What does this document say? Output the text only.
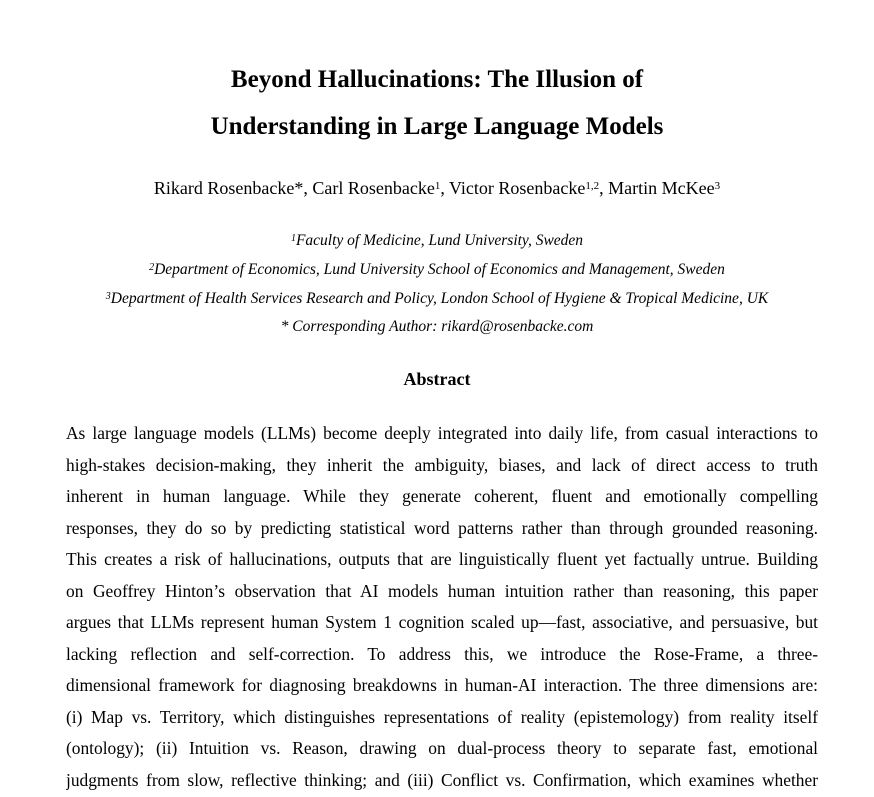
Beyond Hallucinations: The Illusion of
Understanding in Large Language Models
Rikard Rosenbacke*, Carl Rosenbacke$^1$, Victor Rosenbacke$^{1,2}$, Martin McKee$^3$
$^1$Faculty of Medicine, Lund University, Sweden
$^2$Department of Economics, Lund University School of Economics and Management, Sweden
$^3$Department of Health Services Research and Policy, London School of Hygiene & Tropical Medicine, UK
* Corresponding Author: rikard@rosenbacke.com
Abstract
As large language models (LLMs) become deeply integrated into daily life, from casual interactions to
high-stakes decision-making, they inherit the ambiguity, biases, and lack of direct access to truth
inherent in human language. While they generate coherent, fluent and emotionally compelling
responses, they do so by predicting statistical word patterns rather than through grounded reasoning.
This creates a risk of hallucinations, outputs that are linguistically fluent yet factually untrue. Building
on Geoffrey Hinton’s observation that AI models human intuition rather than reasoning, this paper
argues that LLMs represent human System 1 cognition scaled up—fast, associative, and persuasive, but
lacking reflection and self-correction. To address this, we introduce the Rose-Frame, a three-
dimensional framework for diagnosing breakdowns in human-AI interaction. The three dimensions are:
(i) Map vs. Territory, which distinguishes representations of reality (epistemology) from reality itself
(ontology); (ii) Intuition vs. Reason, drawing on dual-process theory to separate fast, emotional
judgments from slow, reflective thinking; and (iii) Conflict vs. Confirmation, which examines whether
